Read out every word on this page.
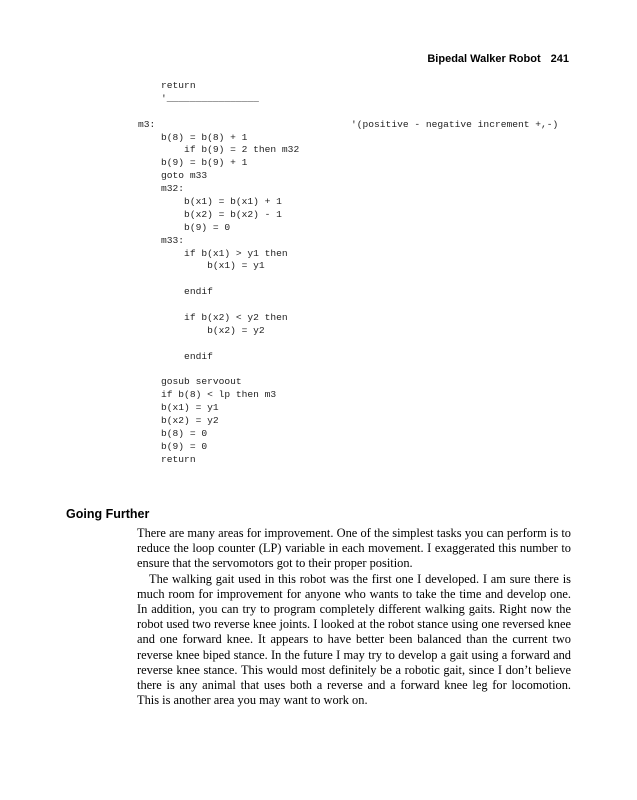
Bipedal Walker Robot 241
return
'________________
m3:                                  '(positive - negative increment +,-)
b(8) = b(8) + 1
if b(9) = 2 then m32
b(9) = b(9) + 1
goto m33
m32:
b(x1) = b(x1) + 1
b(x2) = b(x2) - 1
b(9) = 0
m33:
if b(x1) > y1 then
b(x1) = y1
endif
if b(x2) < y2 then
b(x2) = y2
endif
gosub servoout
if b(8) < lp then m3
b(x1) = y1
b(x2) = y2
b(8) = 0
b(9) = 0
return
Going Further

There are many areas for improvement. One of the simplest tasks you can perform is to reduce the loop counter (LP) variable in each movement. I exaggerated this number to ensure that the servomotors got to their proper position.

The walking gait used in this robot was the first one I developed. I am sure there is much room for improvement for anyone who wants to take the time and develop one. In addition, you can try to program completely different walking gaits. Right now the robot used two reverse knee joints. I looked at the robot stance using one reversed knee and one forward knee. It appears to have better been balanced than the current two reverse knee biped stance. In the future I may try to develop a gait using a forward and reverse knee stance. This would most definitely be a robotic gait, since I don’t believe there is any animal that uses both a reverse and a forward knee leg for locomotion. This is another area you may want to work on.
